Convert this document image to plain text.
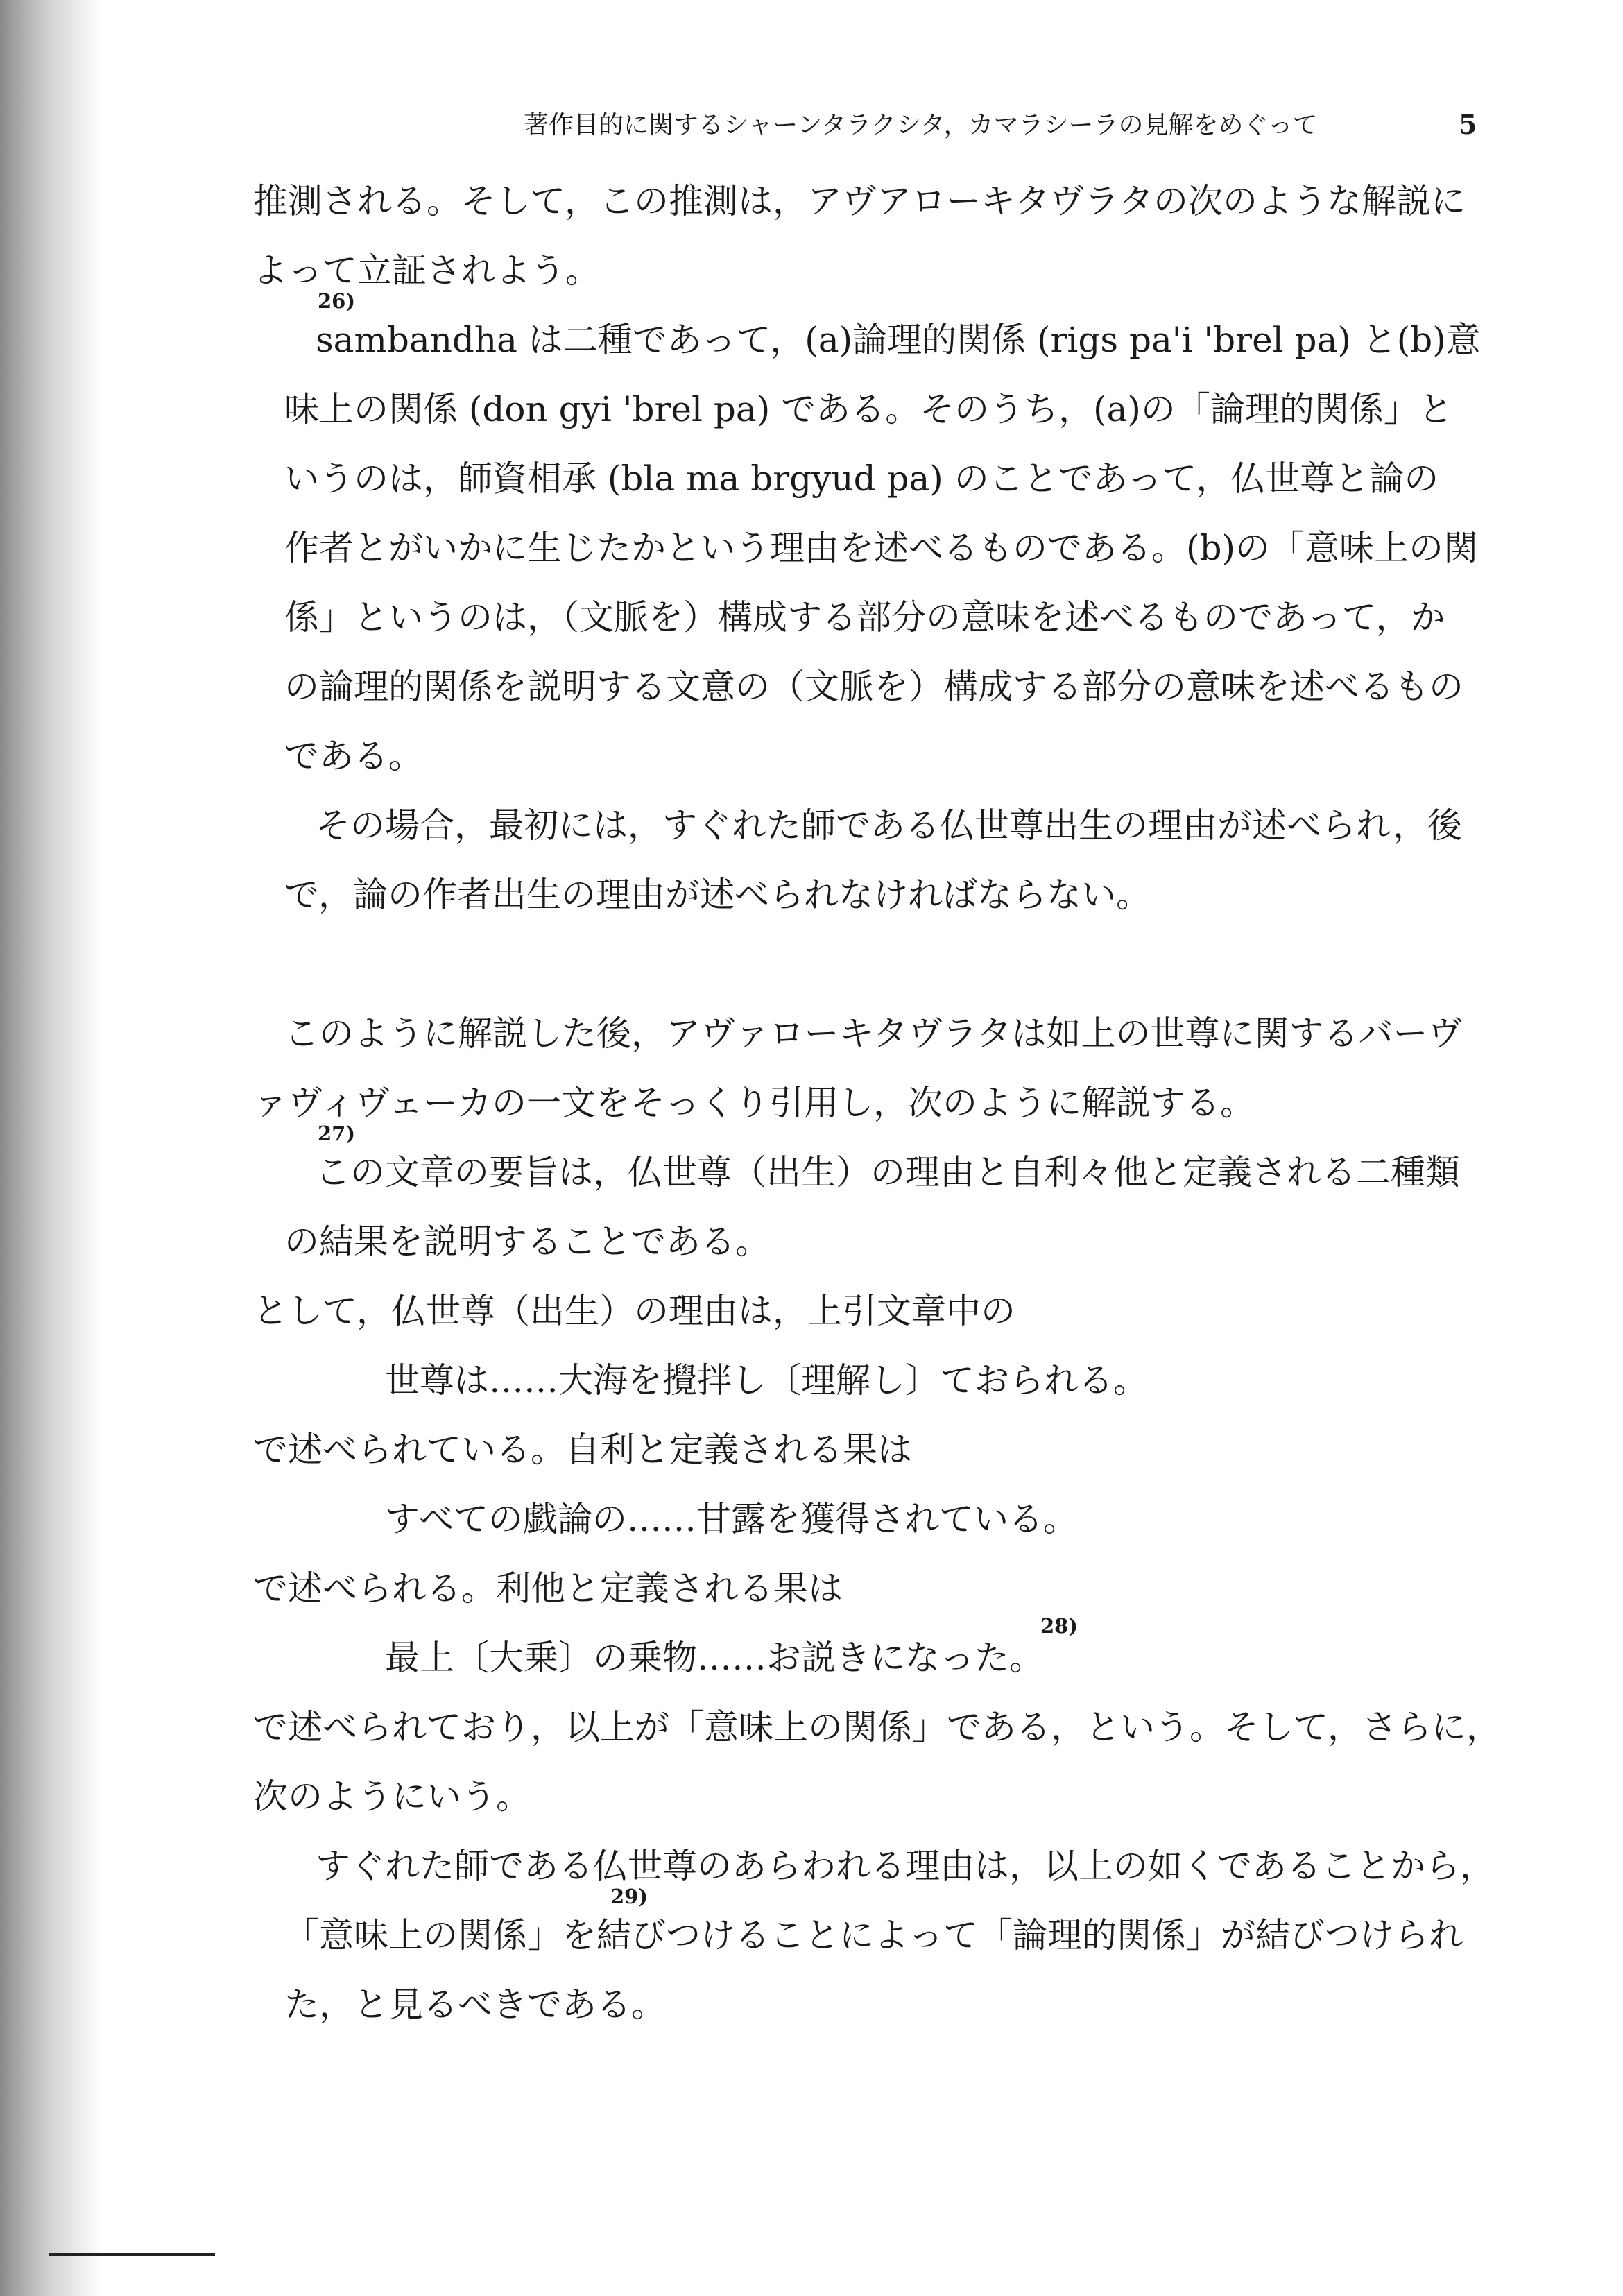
著作目的に関するシャーンタラクシタ，カマラシーラの見解をめぐって	5
推測される。そして，この推測は，アヴアローキタヴラタの次のような解説に
よって立証されよう。
26)
sambandha は二種であって，(a)論理的関係 (rigs pa'i 'brel pa) と(b)意
味上の関係 (don gyi 'brel pa) である。そのうち，(a)の「論理的関係」と
いうのは，師資相承 (bla ma brgyud pa) のことであって，仏世尊と論の
作者とがいかに生じたかという理由を述べるものである。(b)の「意味上の関
係」というのは，（文脈を）構成する部分の意味を述べるものであって，か
の論理的関係を説明する文意の（文脈を）構成する部分の意味を述べるもの
である。
その場合，最初には，すぐれた師である仏世尊出生の理由が述べられ，後
で，論の作者出生の理由が述べられなければならない。
このように解説した後，アヴァローキタヴラタは如上の世尊に関するバーヴ
ァヴィヴェーカの一文をそっくり引用し，次のように解説する。
27)
この文章の要旨は，仏世尊（出生）の理由と自利々他と定義される二種類
の結果を説明することである。
として，仏世尊（出生）の理由は，上引文章中の
世尊は……大海を攪拌し〔理解し〕ておられる。
で述べられている。自利と定義される果は
すべての戯論の……甘露を獲得されている。
で述べられる。利他と定義される果は
最上〔大乗〕の乗物……お説きになった。
28)
で述べられており，以上が「意味上の関係」である，という。そして，さらに，
次のようにいう。
すぐれた師である仏世尊のあらわれる理由は，以上の如くであることから，
「意味上の関係」を結びつけることによって「論理的関係」が結びつけられ
29)
た，と見るべきである。
